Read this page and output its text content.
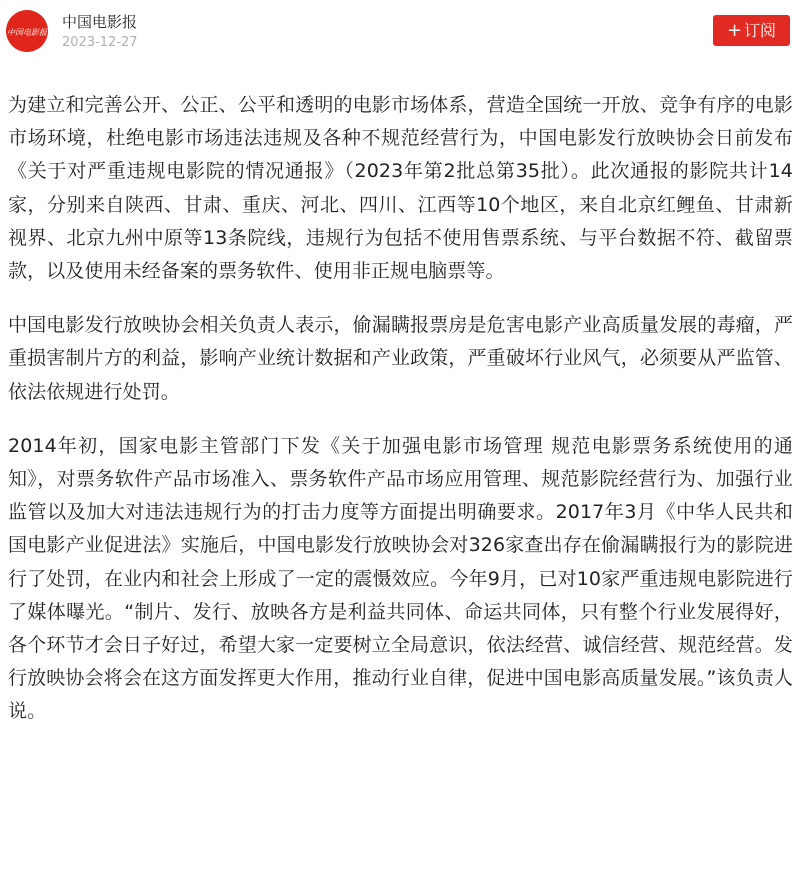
中国电影报
中国电影报
2023-12-27
+ 订阅

为建立和完善公开、公正、公平和透明的电影市场体系，营造全国统一开放、竞争有序的电影市场环境，杜绝电影市场违法违规及各种不规范经营行为，中国电影发行放映协会日前发布《关于对严重违规电影院的情况通报》（2023年第2批总第35批）。此次通报的影院共计14家，分别来自陕西、甘肃、重庆、河北、四川、江西等10个地区，来自北京红鲤鱼、甘肃新视界、北京九州中原等13条院线，违规行为包括不使用售票系统、与平台数据不符、截留票款，以及使用未经备案的票务软件、使用非正规电脑票等。

中国电影发行放映协会相关负责人表示，偷漏瞒报票房是危害电影产业高质量发展的毒瘤，严重损害制片方的利益，影响产业统计数据和产业政策，严重破坏行业风气，必须要从严监管、依法依规进行处罚。

2014年初，国家电影主管部门下发《关于加强电影市场管理 规范电影票务系统使用的通知》，对票务软件产品市场准入、票务软件产品市场应用管理、规范影院经营行为、加强行业监管以及加大对违法违规行为的打击力度等方面提出明确要求。2017年3月《中华人民共和国电影产业促进法》实施后，中国电影发行放映协会对326家查出存在偷漏瞒报行为的影院进行了处罚，在业内和社会上形成了一定的震慑效应。今年9月，已对10家严重违规电影院进行了媒体曝光。“制片、发行、放映各方是利益共同体、命运共同体，只有整个行业发展得好，各个环节才会日子好过，希望大家一定要树立全局意识，依法经营、诚信经营、规范经营。发行放映协会将会在这方面发挥更大作用，推动行业自律，促进中国电影高质量发展。”该负责人说。
